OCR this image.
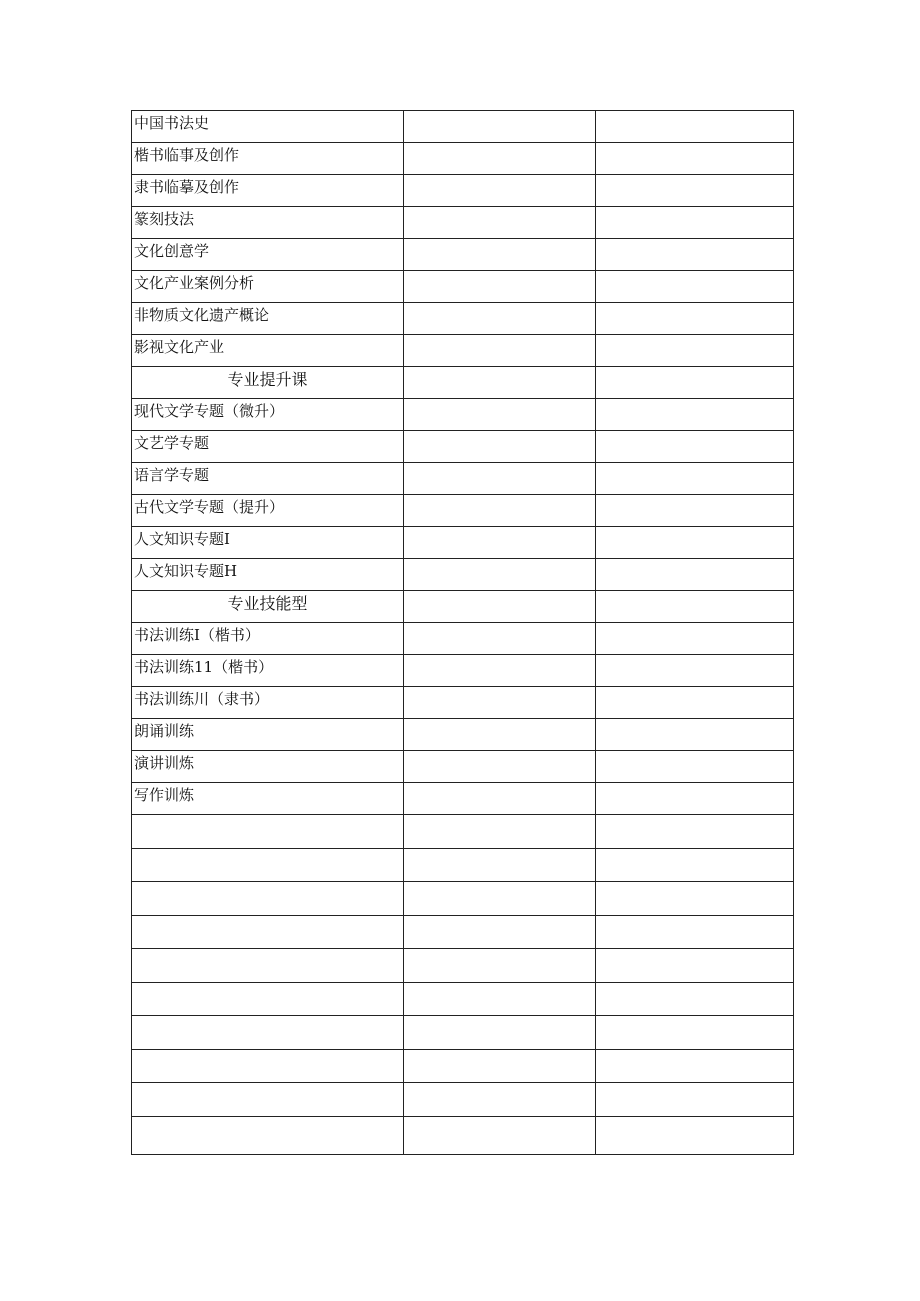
中国书法史		
楷书临事及创作		
隶书临摹及创作		
篆刻技法		
文化创意学		
文化产业案例分析		
非物质文化遗产概论		
影视文化产业		
专业提升课		
现代文学专题（微升）		
文艺学专题		
语言学专题		
古代文学专题（提升）		
人文知识专题I		
人文知识专题H		
专业技能型		
书法训练I（楷书）		
书法训练11（楷书）		
书法训练川（隶书）		
朗诵训练		
演讲训炼		
写作训炼		
